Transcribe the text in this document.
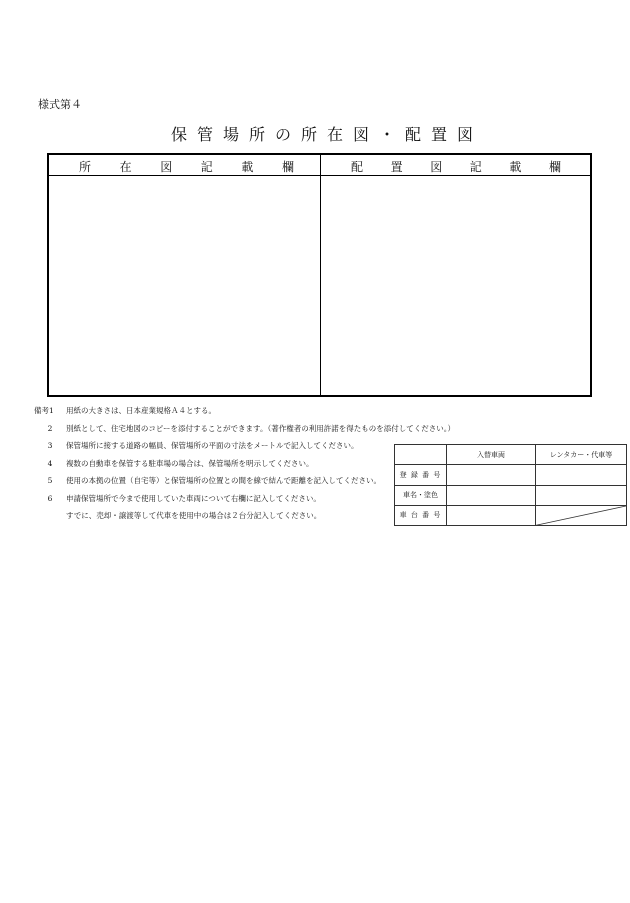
様式第４
保管場所の所在図・配置図
所 在 図 記 載 欄	配 置 図 記 載 欄
備考1 用紙の大きさは、日本産業規格Ａ４とする。
2 別紙として、住宅地図のコピーを添付することができます。（著作権者の利用許諾を得たものを添付してください。）
3 保管場所に接する道路の幅員、保管場所の平面の寸法をメートルで記入してください。
4 複数の自動車を保管する駐車場の場合は、保管場所を明示してください。
5 使用の本拠の位置（自宅等）と保管場所の位置との間を線で結んで距離を記入してください。
6 申請保管場所で今まで使用していた車両について右欄に記入してください。
すでに、売却・譲渡等して代車を使用中の場合は２台分記入してください。
	入替車両	レンタカー・代車等
登 録 番 号		
車名・塗色		
車 台 番 号		
